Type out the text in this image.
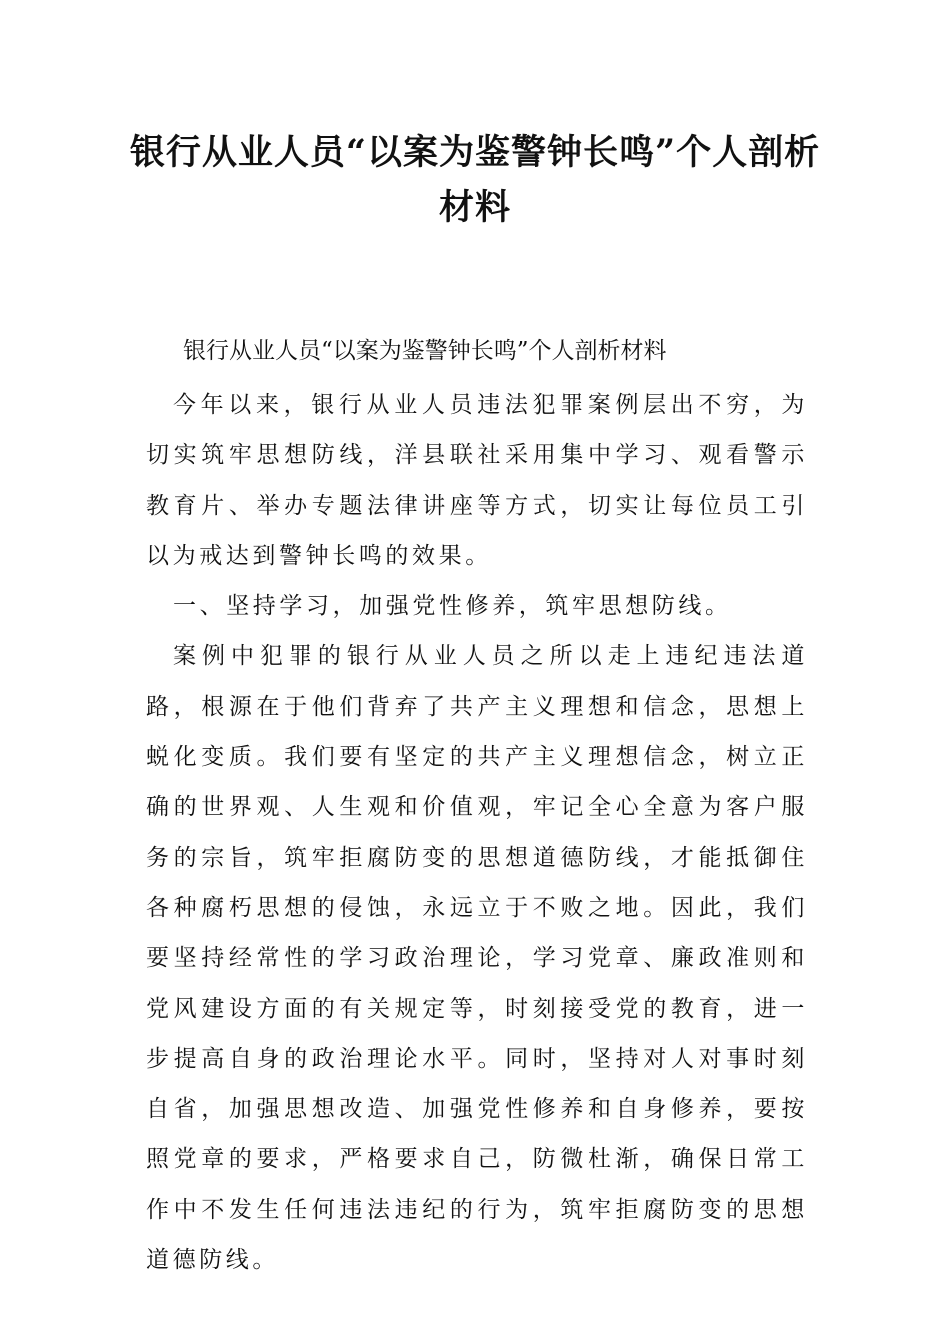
银行从业人员“以案为鉴警钟长鸣”个人剖析材料

银行从业人员“以案为鉴警钟长鸣”个人剖析材料

今年以来，银行从业人员违法犯罪案例层出不穷，为切实筑牢思想防线，洋县联社采用集中学习、观看警示教育片、举办专题法律讲座等方式，切实让每位员工引以为戒达到警钟长鸣的效果。

一、坚持学习，加强党性修养，筑牢思想防线。

案例中犯罪的银行从业人员之所以走上违纪违法道路，根源在于他们背弃了共产主义理想和信念，思想上蜕化变质。我们要有坚定的共产主义理想信念，树立正确的世界观、人生观和价值观，牢记全心全意为客户服务的宗旨，筑牢拒腐防变的思想道德防线，才能抵御住各种腐朽思想的侵蚀，永远立于不败之地。因此，我们要坚持经常性的学习政治理论，学习党章、廉政准则和党风建设方面的有关规定等，时刻接受党的教育，进一步提高自身的政治理论水平。同时，坚持对人对事时刻自省，加强思想改造、加强党性修养和自身修养，要按照党章的要求，严格要求自己，防微杜渐，确保日常工作中不发生任何违法违纪的行为，筑牢拒腐防变的思想道德防线。
